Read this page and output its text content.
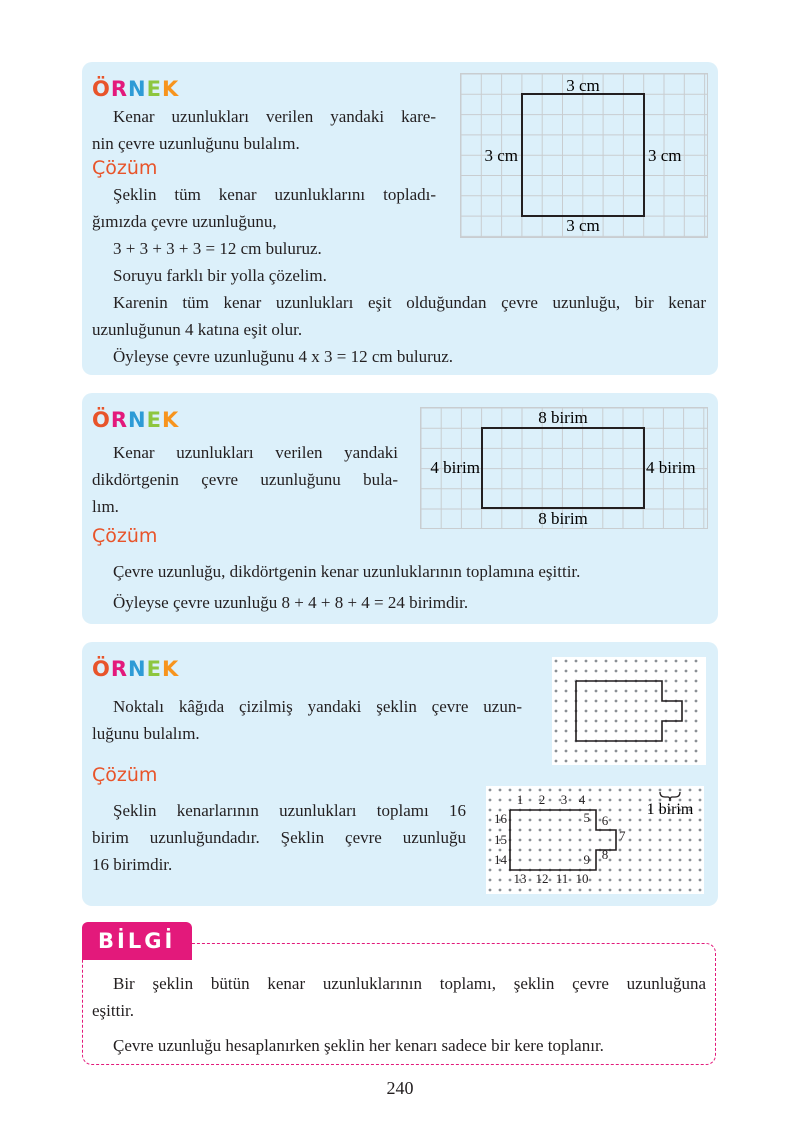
ÖRNEK

Kenar uzunlukları verilen yandaki kare-

nin çevre uzunluğunu bulalım.

Çözüm

Şeklin tüm kenar uzunluklarını topladı-

ğımızda çevre uzunluğunu,

3 + 3 + 3 + 3 = 12 cm buluruz.

Soruyu farklı bir yolla çözelim.

Karenin tüm kenar uzunlukları eşit olduğundan çevre uzunluğu, bir kenar

uzunluğunun 4 katına eşit olur.

Öyleyse çevre uzunluğunu 4 x 3 = 12 cm buluruz.

3 cm
3 cm
3 cm	3 cm
ÖRNEK

Kenar uzunlukları verilen yandaki

dikdörtgenin çevre uzunluğunu bula-

lım.

Çözüm

Çevre uzunluğu, dikdörtgenin kenar uzunluklarının toplamına eşittir.

Öyleyse çevre uzunluğu 8 + 4 + 8 + 4 = 24 birimdir.

8 birim
8 birim
4 birim	4 birim
ÖRNEK

Noktalı kâğıda çizilmiş yandaki şeklin çevre uzun-

luğunu bulalım.

Çözüm

Şeklin kenarlarının uzunlukları toplamı 16

birim uzunluğundadır. Şeklin çevre uzunluğu

16 birimdir.

1 2 3 4
5 6
7
8
9
10
11
12
13
14
15
16
1 birim
BİLGİ

Bir şeklin bütün kenar uzunluklarının toplamı, şeklin çevre uzunluğuna

eşittir.

Çevre uzunluğu hesaplanırken şeklin her kenarı sadece bir kere toplanır.

240
